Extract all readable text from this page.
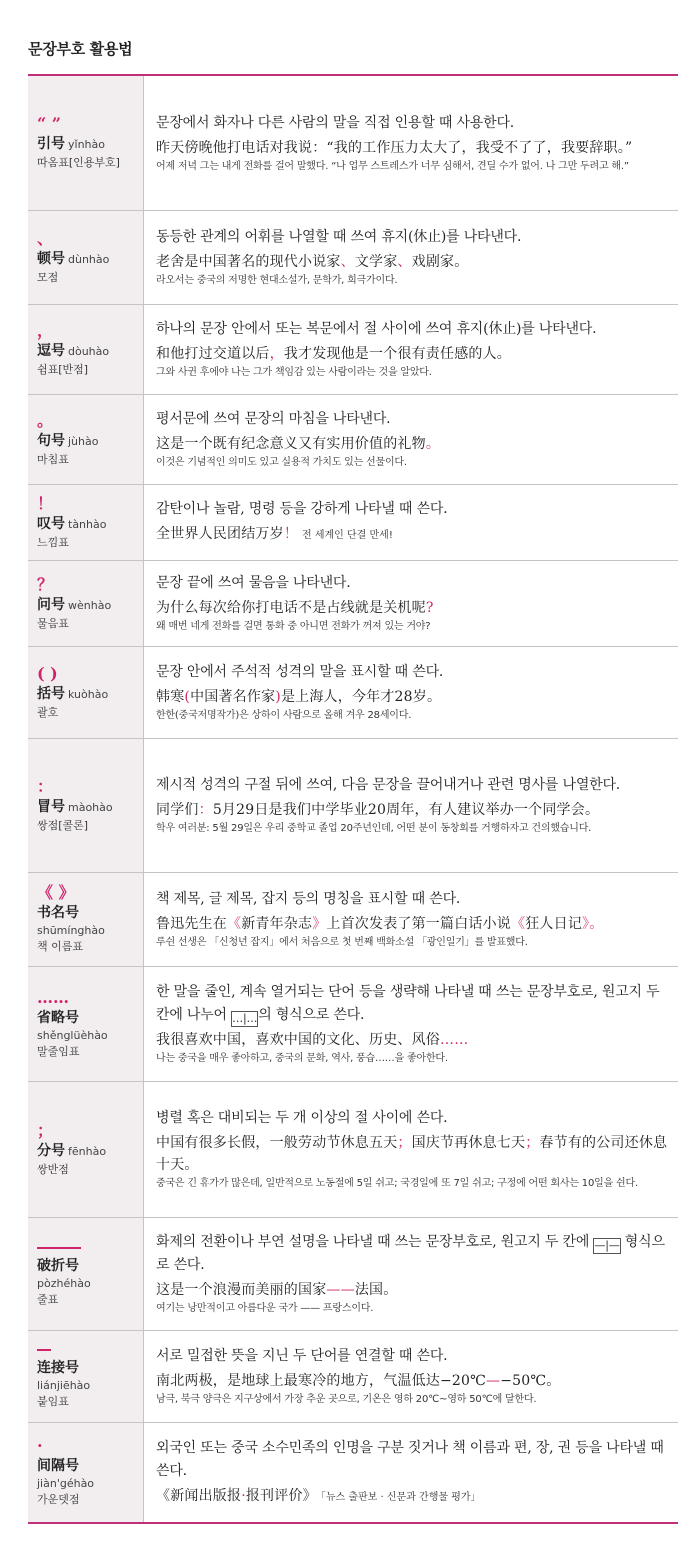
문장부호 활용법
“ ”
引号 yǐnhào
따옴표[인용부호]
문장에서 화자나 다른 사람의 말을 직접 인용할 때 사용한다.
昨天傍晚他打电话对我说：“我的工作压力太大了，我受不了了，我要辞职。”
어제 저녁 그는 내게 전화를 걸어 말했다. “나 업무 스트레스가 너무 심해서, 견딜 수가 없어. 나 그만 두려고 해.”
、
顿号 dùnhào
모점
동등한 관계의 어휘를 나열할 때 쓰여 휴지(休止)를 나타낸다.
老舍是中国著名的现代小说家、文学家、戏剧家。
라오서는 중국의 저명한 현대소설가, 문학가, 희극가이다.
，
逗号 dòuhào
쉼표[반점]
하나의 문장 안에서 또는 복문에서 절 사이에 쓰여 휴지(休止)를 나타낸다.
和他打过交道以后，我才发现他是一个很有责任感的人。
그와 사귄 후에야 나는 그가 책임감 있는 사람이라는 것을 알았다.
。
句号 jùhào
마침표
평서문에 쓰여 문장의 마침을 나타낸다.
这是一个既有纪念意义又有实用价值的礼物。
이것은 기념적인 의미도 있고 실용적 가치도 있는 선물이다.
！
叹号 tànhào
느낌표
감탄이나 놀람, 명령 등을 강하게 나타낼 때 쓴다.
全世界人民团结万岁！ 전 세계인 단결 만세!
？
问号 wènhào
물음표
문장 끝에 쓰여 물음을 나타낸다.
为什么每次给你打电话不是占线就是关机呢?
왜 매번 네게 전화를 걸면 통화 중 아니면 전화가 꺼져 있는 거야?
( )
括号 kuòhào
괄호
문장 안에서 주석적 성격의 말을 표시할 때 쓴다.
韩寒(中国著名作家)是上海人，今年才28岁。
한한(중국저명작가)은 상하이 사람으로 올해 겨우 28세이다.
：
冒号 màohào
쌍점[콜론]
제시적 성격의 구절 뒤에 쓰여, 다음 문장을 끌어내거나 관련 명사를 나열한다.
同学们：5月29日是我们中学毕业20周年，有人建议举办一个同学会。
학우 여러분: 5월 29일은 우리 중학교 졸업 20주년인데, 어떤 분이 동창회를 거행하자고 건의했습니다.
《 》
书名号
shūmínghào
책 이름표
책 제목, 글 제목, 잡지 등의 명칭을 표시할 때 쓴다.
鲁迅先生在《新青年杂志》上首次发表了第一篇白话小说《狂人日记》。
루쉰 선생은 「신청년 잡지」에서 처음으로 첫 번째 백화소설 「광인일기」를 발표했다.
……
省略号
shěnglüèhào
말줄임표
한 말을 줄인, 계속 열거되는 단어 등을 생략해 나타낼 때 쓰는 문장부호로, 원고지 두 칸에 나누어 …|…의 형식으로 쓴다.
我很喜欢中国，喜欢中国的文化、历史、风俗……
나는 중국을 매우 좋아하고, 중국의 문화, 역사, 풍습……을 좋아한다.
；
分号 fēnhào
쌍반점
병렬 혹은 대비되는 두 개 이상의 절 사이에 쓴다.
中国有很多长假，一般劳动节休息五天；国庆节再休息七天；春节有的公司还休息十天。
중국은 긴 휴가가 많은데, 일반적으로 노동절에 5일 쉬고; 국경일에 또 7일 쉬고; 구정에 어떤 회사는 10일을 쉰다.
破折号
pòzhéhào
줄표
화제의 전환이나 부연 설명을 나타낼 때 쓰는 문장부호로, 원고지 두 칸에 —|— 형식으로 쓴다.
这是一个浪漫而美丽的国家——法国。
여기는 낭만적이고 아름다운 국가 —— 프랑스이다.
连接号
liánjiēhào
붙임표
서로 밀접한 뜻을 지닌 두 단어를 연결할 때 쓴다.
南北两极，是地球上最寒冷的地方，气温低达−20℃—−50℃。
남극, 북극 양극은 지구상에서 가장 추운 곳으로, 기온은 영하 20℃~영하 50℃에 달한다.
·
间隔号
jiàn'géhào
가운뎃점
외국인 또는 중국 소수민족의 인명을 구분 짓거나 책 이름과 편, 장, 권 등을 나타낼 때 쓴다.
《新闻出版报·报刊评价》 「뉴스 출판보 · 신문과 간행물 평가」
